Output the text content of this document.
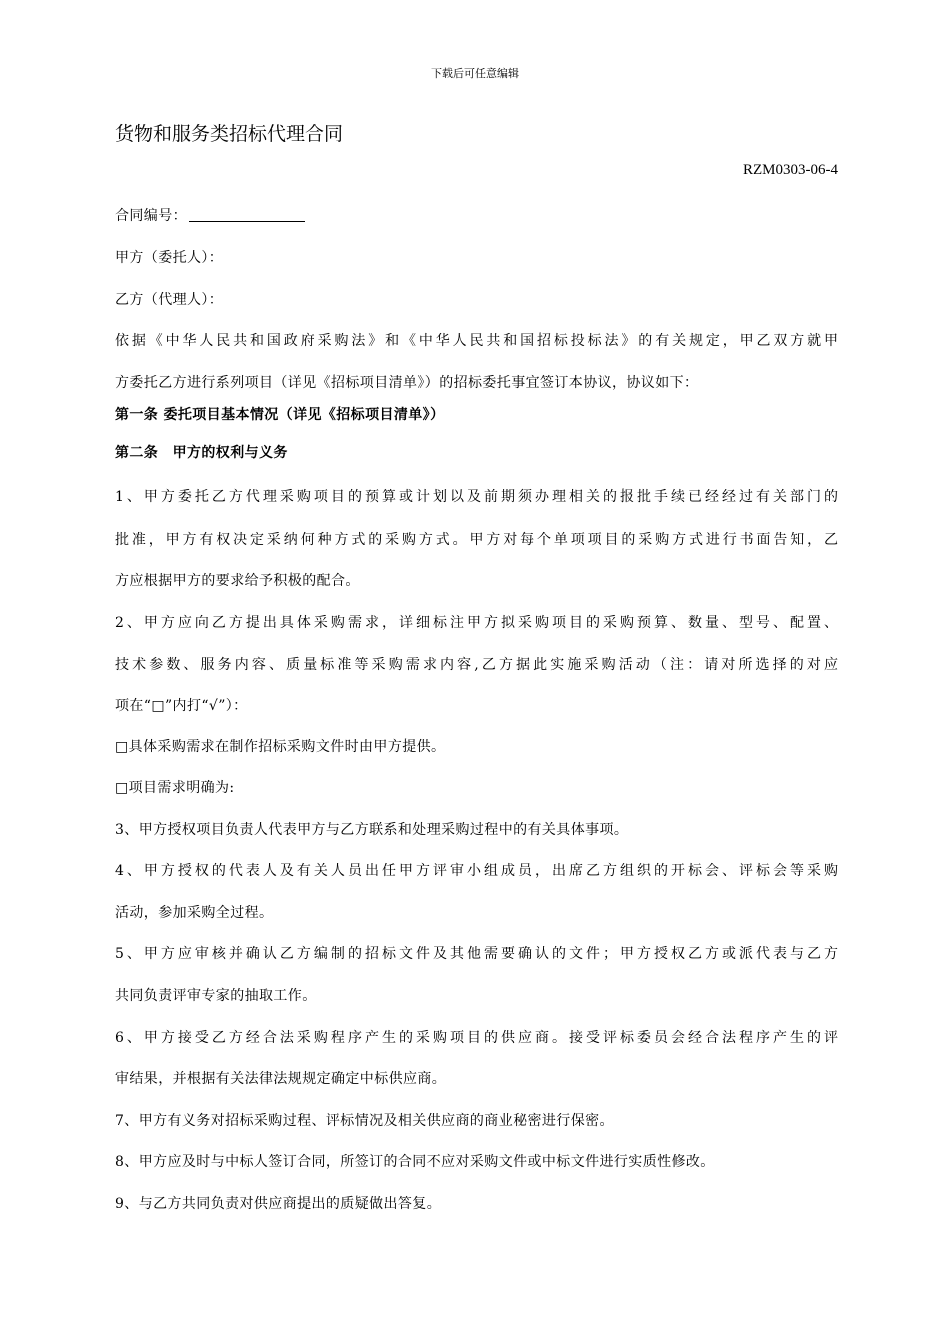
下载后可任意编辑
货物和服务类招标代理合同
RZM0303-06-4
合同编号：
甲方（委托人）：
乙方（代理人）：
依据《中华人民共和国政府采购法》和《中华人民共和国招标投标法》的有关规定，甲乙双方就甲
方委托乙方进行系列项目（详见《招标项目清单》）的招标委托事宜签订本协议，协议如下：
第一条 委托项目基本情况（详见《招标项目清单》）
第二条　甲方的权利与义务
1、甲方委托乙方代理采购项目的预算或计划以及前期须办理相关的报批手续已经经过有关部门的
批准，甲方有权决定采纳何种方式的采购方式。甲方对每个单项项目的采购方式进行书面告知，乙
方应根据甲方的要求给予积极的配合。
2、甲方应向乙方提出具体采购需求，详细标注甲方拟采购项目的采购预算、数量、型号、配置、
技术参数、服务内容、质量标准等采购需求内容,乙方据此实施采购活动（注：请对所选择的对应
项在“□”内打“√”）：
□具体采购需求在制作招标采购文件时由甲方提供。
□项目需求明确为:
3、甲方授权项目负责人代表甲方与乙方联系和处理采购过程中的有关具体事项。
4、甲方授权的代表人及有关人员出任甲方评审小组成员，出席乙方组织的开标会、评标会等采购
活动，参加采购全过程。
5、甲方应审核并确认乙方编制的招标文件及其他需要确认的文件；甲方授权乙方或派代表与乙方
共同负责评审专家的抽取工作。
6、甲方接受乙方经合法采购程序产生的采购项目的供应商。接受评标委员会经合法程序产生的评
审结果，并根据有关法律法规规定确定中标供应商。
7、甲方有义务对招标采购过程、评标情况及相关供应商的商业秘密进行保密。
8、甲方应及时与中标人签订合同，所签订的合同不应对采购文件或中标文件进行实质性修改。
9、与乙方共同负责对供应商提出的质疑做出答复。
